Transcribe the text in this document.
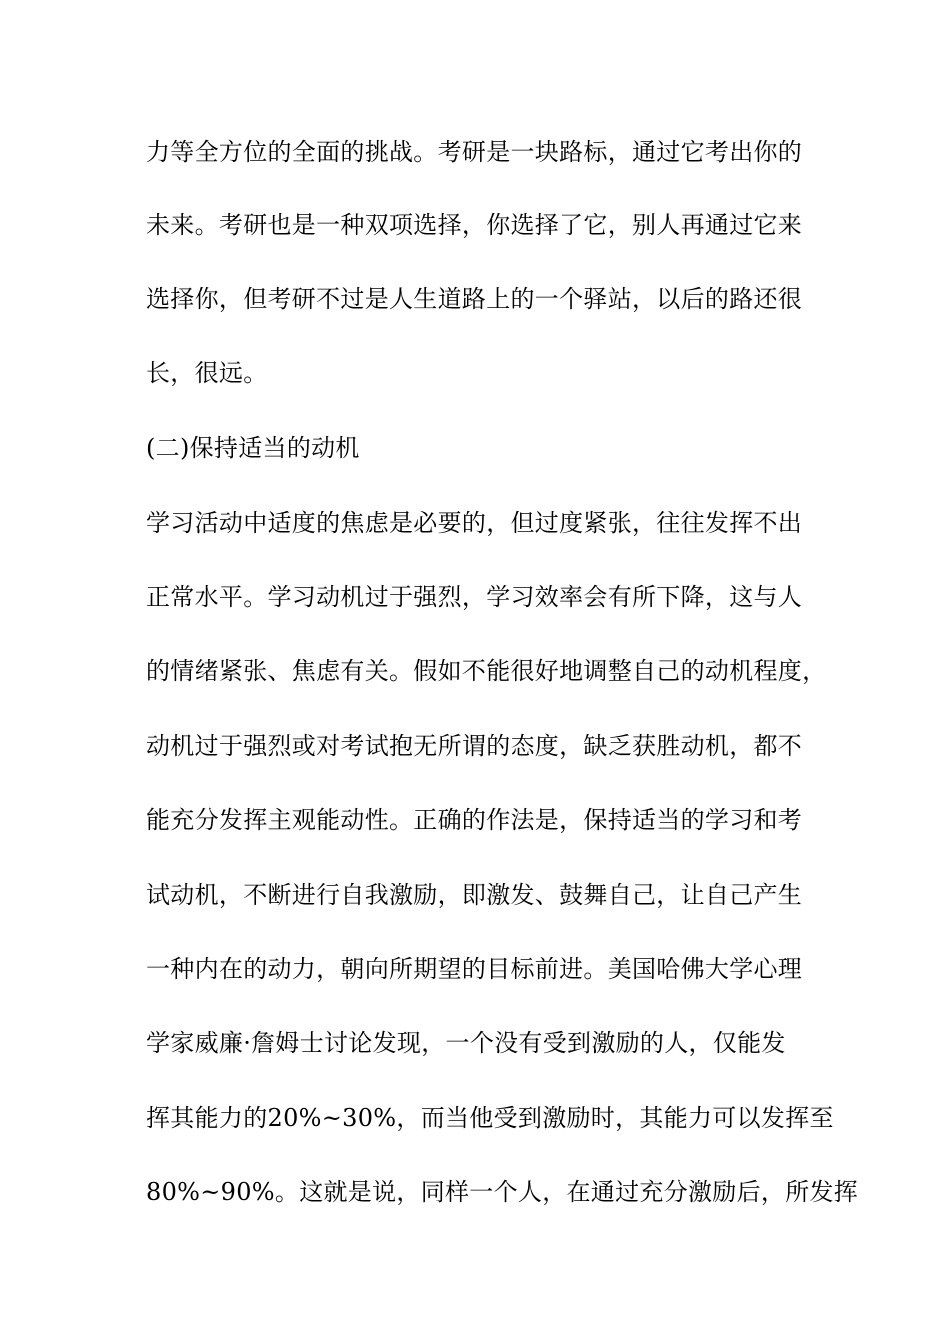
力等全方位的全面的挑战。考研是一块路标，通过它考出你的
未来。考研也是一种双项选择，你选择了它，别人再通过它来
选择你，但考研不过是人生道路上的一个驿站，以后的路还很
长，很远。
(二)保持适当的动机
学习活动中适度的焦虑是必要的，但过度紧张，往往发挥不出
正常水平。学习动机过于强烈，学习效率会有所下降，这与人
的情绪紧张、焦虑有关。假如不能很好地调整自己的动机程度，
动机过于强烈或对考试抱无所谓的态度，缺乏获胜动机，都不
能充分发挥主观能动性。正确的作法是，保持适当的学习和考
试动机，不断进行自我激励，即激发、鼓舞自己，让自己产生
一种内在的动力，朝向所期望的目标前进。美国哈佛大学心理
学家威廉·詹姆士讨论发现，一个没有受到激励的人，仅能发
挥其能力的20%~30%，而当他受到激励时，其能力可以发挥至
80%~90%。这就是说，同样一个人，在通过充分激励后，所发挥
